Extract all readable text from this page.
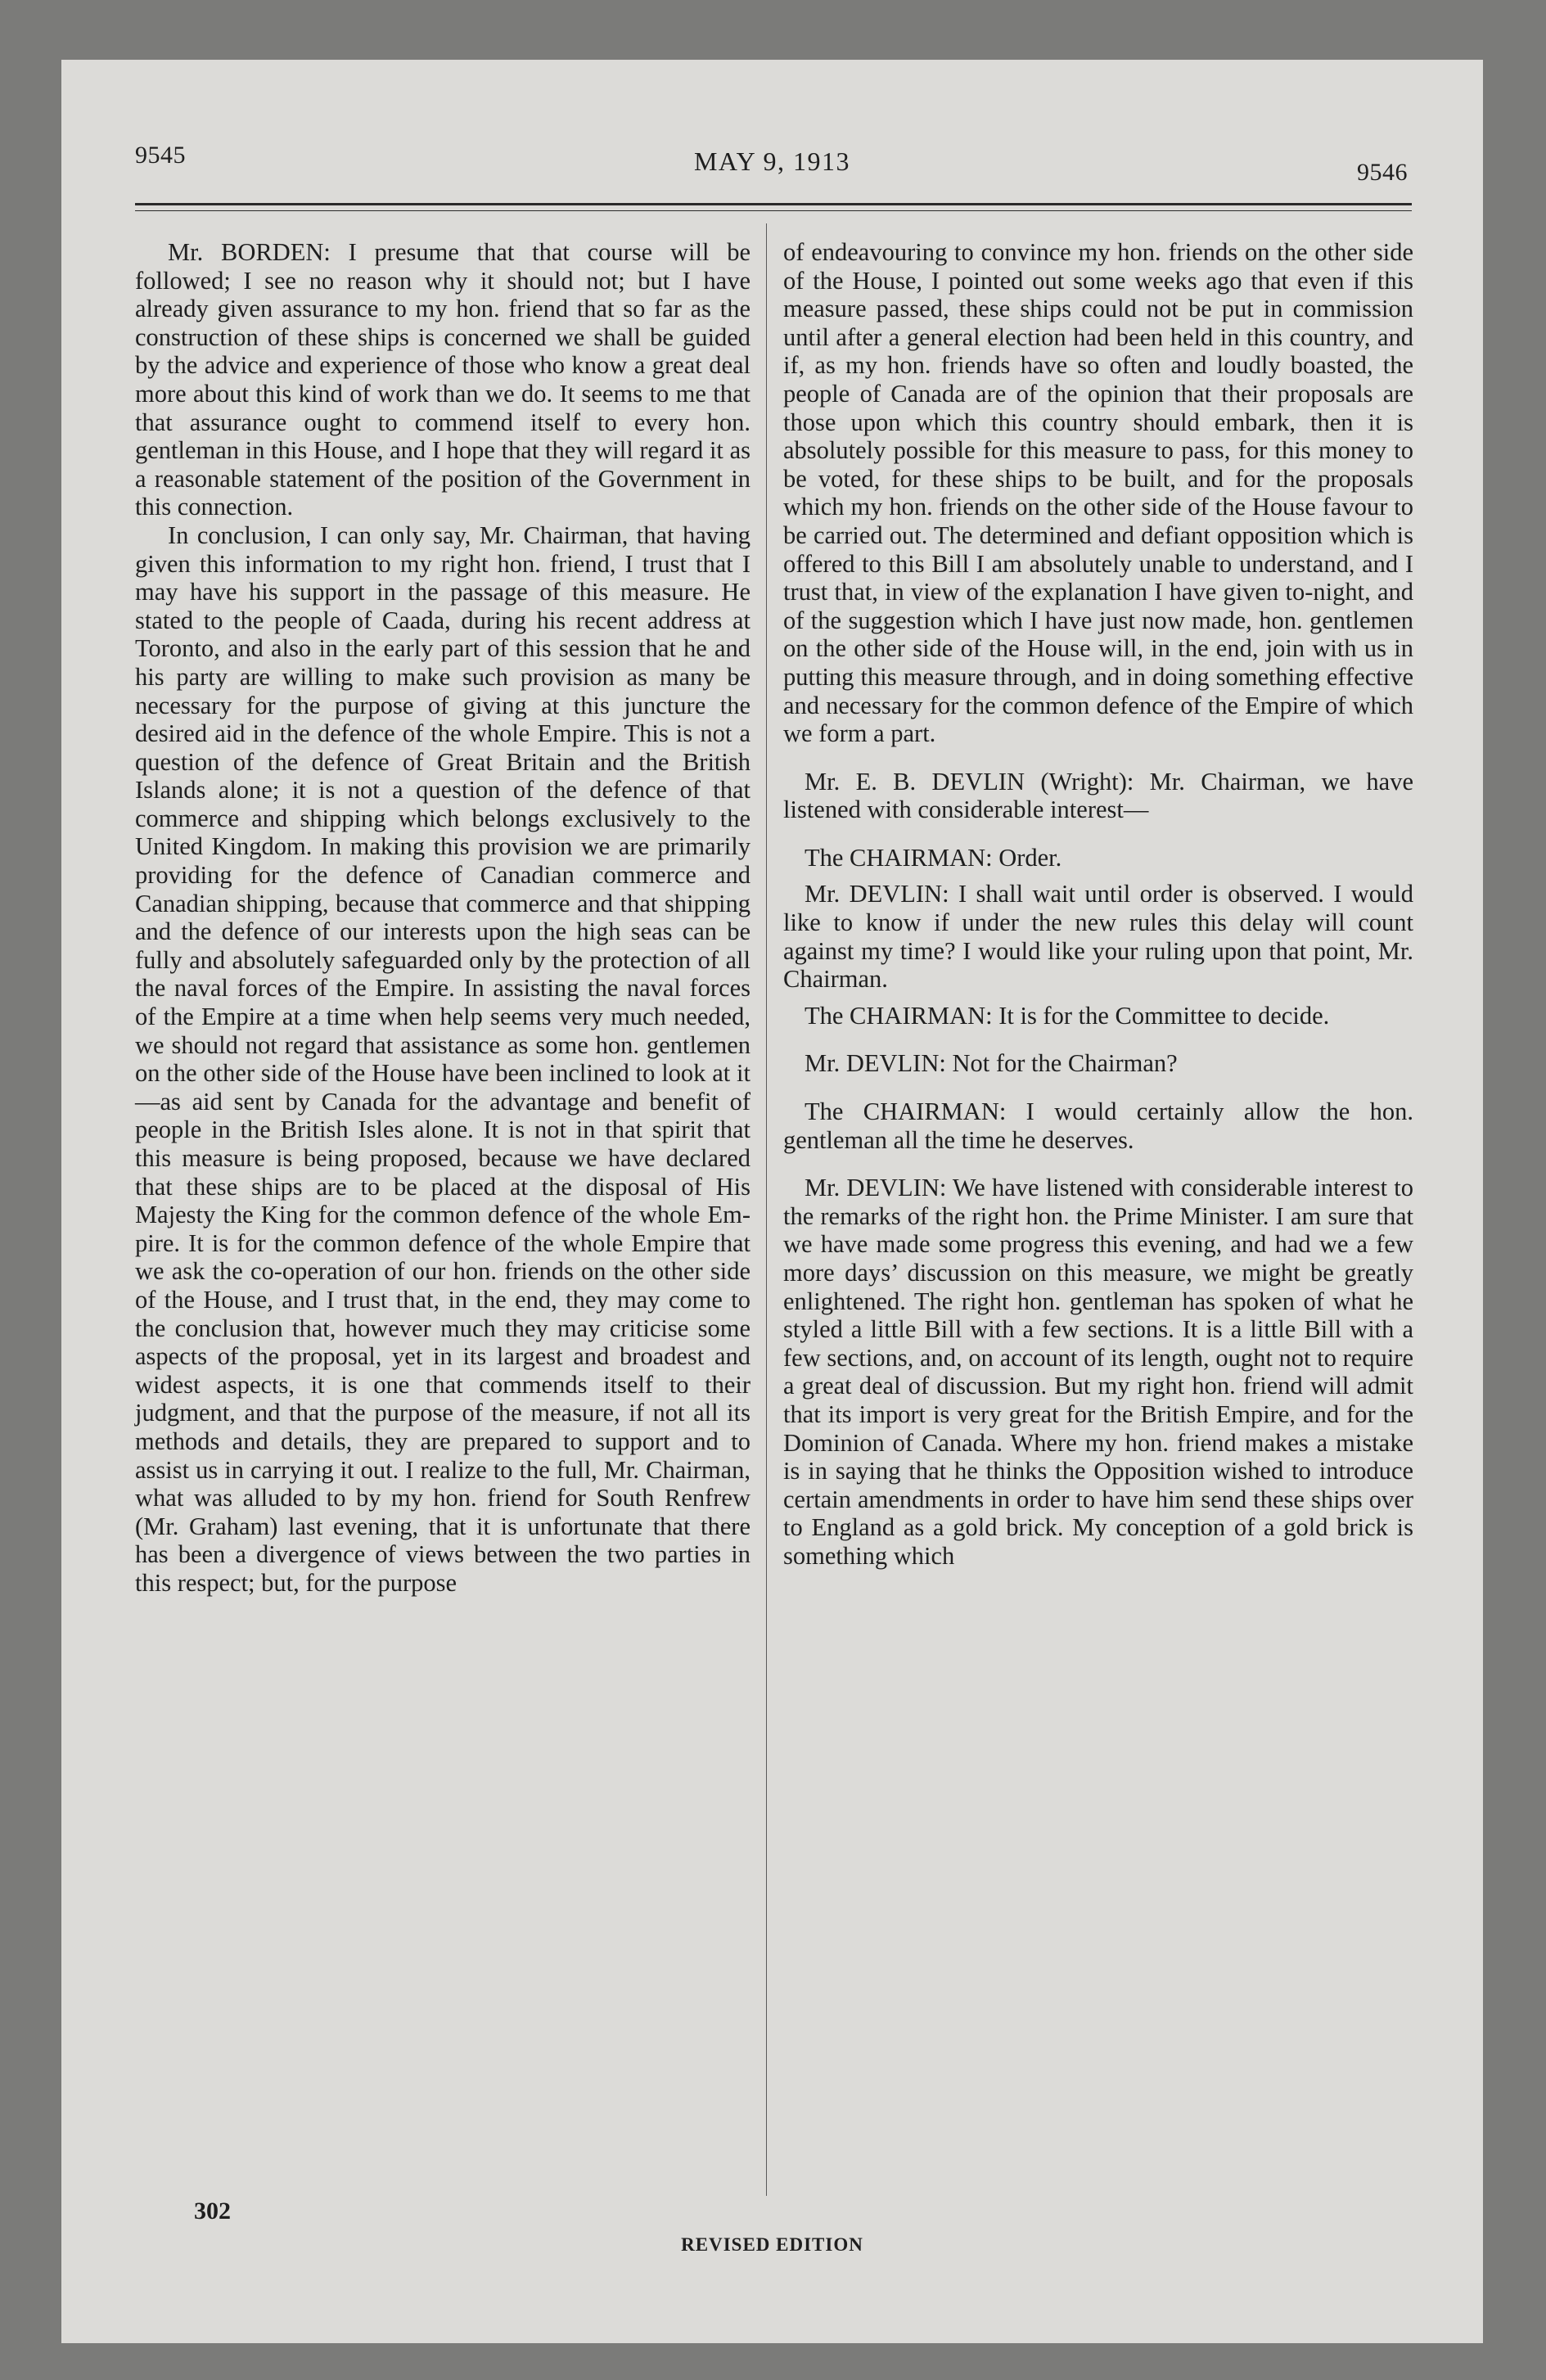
9545	MAY 9, 1913	9546

Mr. BORDEN: I presume that that course will be followed; I see no reason why it should not; but I have already given assurance to my hon. friend that so far as the construction of these ships is concerned we shall be guided by the advice and experience of those who know a great deal more about this kind of work than we do. It seems to me that that assurance ought to commend itself to every hon. gentleman in this House, and I hope that they will regard it as a reasonable statement of the position of the Government in this connection.

In conclusion, I can only say, Mr. Chairman, that having given this information to my right hon. friend, I trust that I may have his support in the passage of this measure. He stated to the people of Caada, during his recent address at Toronto, and also in the early part of this session that he and his party are willing to make such provision as many be necessary for the purpose of giving at this juncture the desired aid in the defence of the whole Empire. This is not a question of the defence of Great Britain and the British Islands alone; it is not a question of the defence of that commerce and shipping which belongs exclusively to the United Kingdom. In making this provision we are primarily providing for the defence of Canadian commerce and Canadian shipping, because that commerce and that shipping and the defence of our interests upon the high seas can be fully and absolutely safeguarded only by the protection of all the naval forces of the Empire. In assisting the naval forces of the Empire at a time when help seems very much needed, we should not regard that assistance as some hon. gentlemen on the other side of the House have been inclined to look at it—as aid sent by Canada for the advantage and benefit of people in the British Isles alone. It is not in that spirit that this measure is being proposed, because we have declared that these ships are to be placed at the disposal of His Majesty the King for the common defence of the whole Empire. It is for the common defence of the whole Empire that we ask the co-operation of our hon. friends on the other side of the House, and I trust that, in the end, they may come to the conclusion that, however much they may criticise some aspects of the proposal, yet in its largest and broadest and widest aspects, it is one that commends itself to their judgment, and that the purpose of the measure, if not all its methods and details, they are prepared to support and to assist us in carrying it out. I realize to the full, Mr. Chairman, what was alluded to by my hon. friend for South Renfrew (Mr. Graham) last evening, that it is unfortunate that there has been a divergence of views between the two parties in this respect; but, for the purpose

of endeavouring to convince my hon. friends on the other side of the House, I pointed out some weeks ago that even if this measure passed, these ships could not be put in commission until after a general election had been held in this country, and if, as my hon. friends have so often and loudly boasted, the people of Canada are of the opinion that their proposals are those upon which this country should embark, then it is absolutely possible for this measure to pass, for this money to be voted, for these ships to be built, and for the proposals which my hon. friends on the other side of the House favour to be carried out. The determined and defiant opposition which is offered to this Bill I am absolutely unable to understand, and I trust that, in view of the explanation I have given to-night, and of the suggestion which I have just now made, hon. gentlemen on the other side of the House will, in the end, join with us in putting this measure through, and in doing something effective and necessary for the common defence of the Empire of which we form a part.

Mr. E. B. DEVLIN (Wright): Mr. Chairman, we have listened with considerable interest—

The CHAIRMAN: Order.

Mr. DEVLIN: I shall wait until order is observed. I would like to know if under the new rules this delay will count against my time? I would like your ruling upon that point, Mr. Chairman.

The CHAIRMAN: It is for the Committee to decide.

Mr. DEVLIN: Not for the Chairman?

The CHAIRMAN: I would certainly allow the hon. gentleman all the time he deserves.

Mr. DEVLIN: We have listened with considerable interest to the remarks of the right hon. the Prime Minister. I am sure that we have made some progress this evening, and had we a few more days’ discussion on this measure, we might be greatly enlightened. The right hon. gentleman has spoken of what he styled a little Bill with a few sections. It is a little Bill with a few sections, and, on account of its length, ought not to require a great deal of discussion. But my right hon. friend will admit that its import is very great for the British Empire, and for the Dominion of Canada. Where my hon. friend makes a mistake is in saying that he thinks the Opposition wished to introduce certain amendments in order to have him send these ships over to England as a gold brick. My conception of a gold brick is something which

302
REVISED EDITION
